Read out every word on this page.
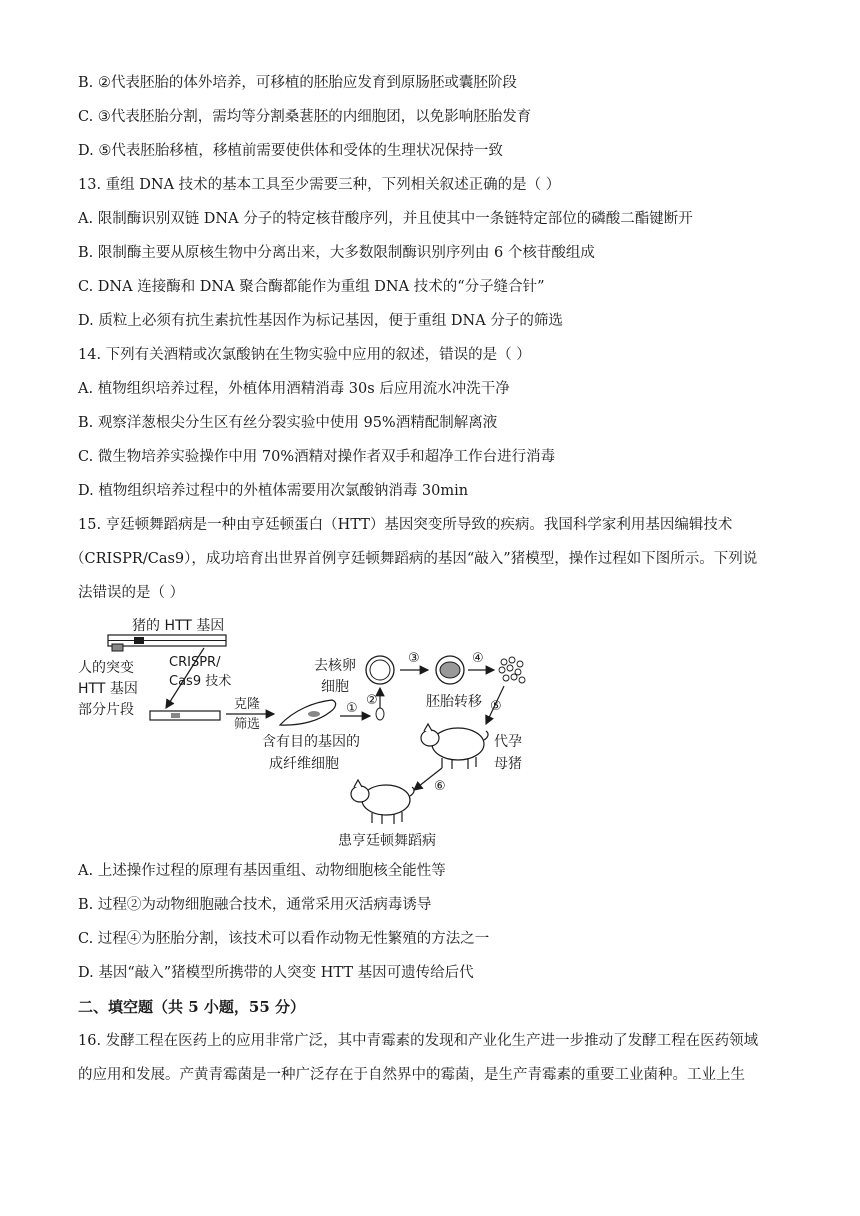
B. ②代表胚胎的体外培养，可移植的胚胎应发育到原肠胚或囊胚阶段
C. ③代表胚胎分割，需均等分割桑葚胚的内细胞团，以免影响胚胎发育
D. ⑤代表胚胎移植，移植前需要使供体和受体的生理状况保持一致
13. 重组 DNA 技术的基本工具至少需要三种，下列相关叙述正确的是（ ）
A. 限制酶识别双链 DNA 分子的特定核苷酸序列，并且使其中一条链特定部位的磷酸二酯键断开
B. 限制酶主要从原核生物中分离出来，大多数限制酶识别序列由 6 个核苷酸组成
C. DNA 连接酶和 DNA 聚合酶都能作为重组 DNA 技术的“分子缝合针”
D. 质粒上必须有抗生素抗性基因作为标记基因，便于重组 DNA 分子的筛选
14. 下列有关酒精或次氯酸钠在生物实验中应用的叙述，错误的是（ ）
A. 植物组织培养过程，外植体用酒精消毒 30s 后应用流水冲洗干净
B. 观察洋葱根尖分生区有丝分裂实验中使用 95%酒精配制解离液
C. 微生物培养实验操作中用 70%酒精对操作者双手和超净工作台进行消毒
D. 植物组织培养过程中的外植体需要用次氯酸钠消毒 30min
15. 亨廷顿舞蹈病是一种由亨廷顿蛋白（HTT）基因突变所导致的疾病。我国科学家利用基因编辑技术
（CRISPR/Cas9），成功培育出世界首例亨廷顿舞蹈病的基因“敲入”猪模型，操作过程如下图所示。下列说
法错误的是（ ）
猪的 HTT 基因
人的突变
HTT 基因
部分片段
CRISPR/
Cas9 技术
克隆
筛选
含有目的基因的
成纤维细胞
①
去核卵
细胞
②
③	④
胚胎转移 ⑤
代孕
母猪
⑥
患亨廷顿舞蹈病
A. 上述操作过程的原理有基因重组、动物细胞核全能性等
B. 过程②为动物细胞融合技术，通常采用灭活病毒诱导
C. 过程④为胚胎分割，该技术可以看作动物无性繁殖的方法之一
D. 基因“敲入”猪模型所携带的人突变 HTT 基因可遗传给后代
二、填空题（共 5 小题，55 分）
16. 发酵工程在医药上的应用非常广泛，其中青霉素的发现和产业化生产进一步推动了发酵工程在医药领域
的应用和发展。产黄青霉菌是一种广泛存在于自然界中的霉菌，是生产青霉素的重要工业菌种。工业上生
